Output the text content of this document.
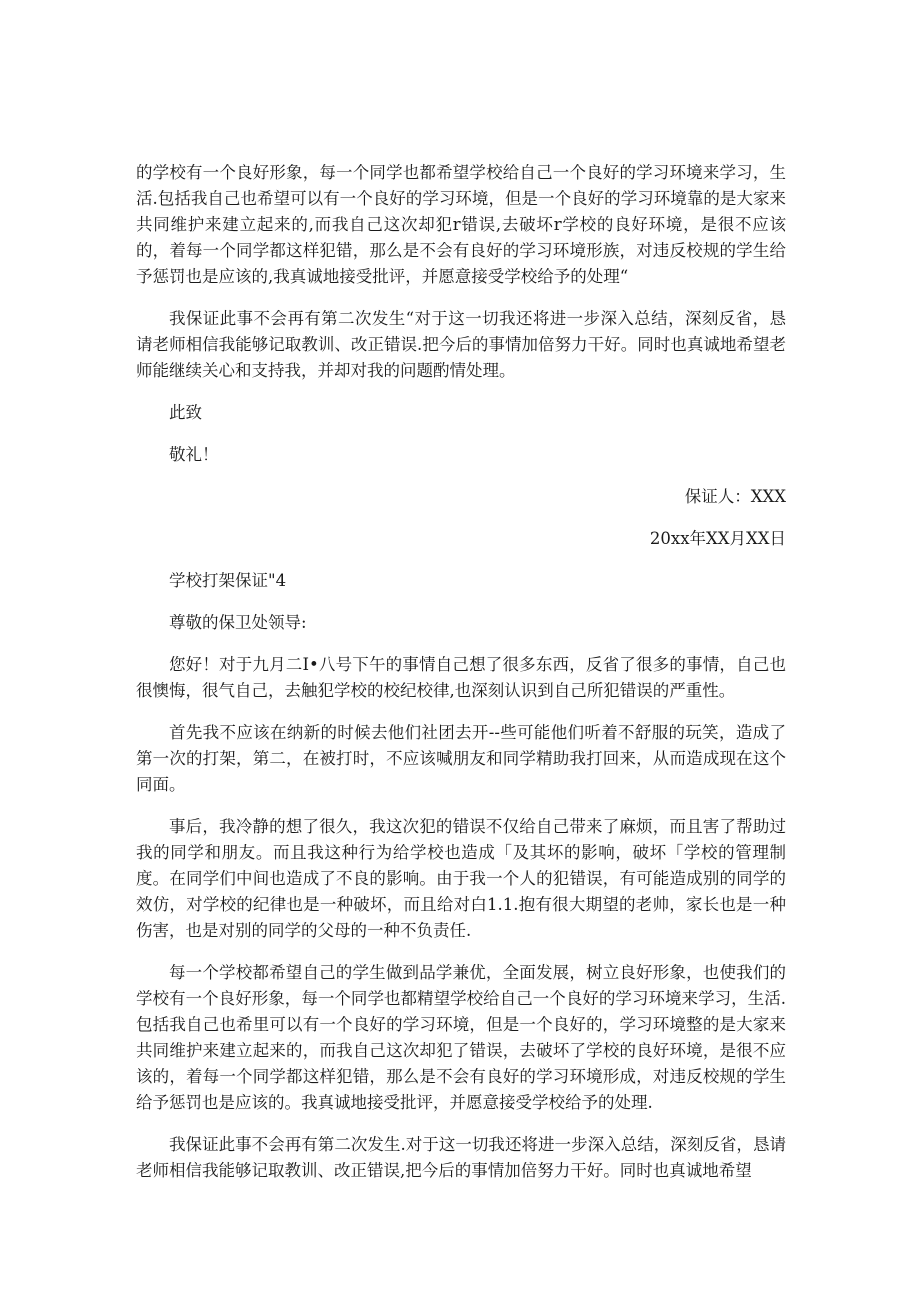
的学校有一个良好形象，每一个同学也都希望学校给自己一个良好的学习环境来学习，生活.包括我自己也希望可以有一个良好的学习环境，但是一个良好的学习环境靠的是大家来共同维护来建立起来的,而我自己这次却犯r错误,去破坏r学校的良好环境，是很不应该的，着每一个同学都这样犯错，那么是不会有良好的学习环境形族，对违反校规的学生给予惩罚也是应该的,我真诚地接受批评，并愿意接受学校给予的处理“

我保证此事不会再有第二次发生“对于这一切我还将进一步深入总结，深刻反省，恳请老师相信我能够记取教训、改正错误.把今后的事情加倍努力干好。同时也真诚地希望老师能继续关心和支持我，并却对我的问题酌情处理。

此致

敬礼！

保证人：XXX

20xx年XX月XX日

学校打架保证"4

尊敬的保卫处领导:

您好！对于九月二I•八号下午的事情自己想了很多东西，反省了很多的事情，自己也很懊悔，很气自己，去触犯学校的校纪校律,也深刻认识到自己所犯错误的严重性。

首先我不应该在纳新的时候去他们社团去开--些可能他们听着不舒服的玩笑，造成了第一次的打架，第二，在被打时，不应该喊朋友和同学精助我打回来，从而造成现在这个同面。

事后，我冷静的想了很久，我这次犯的错误不仅给自己带来了麻烦，而且害了帮助过我的同学和朋友。而且我这种行为给学校也造成「及其坏的影响，破坏「学校的管理制度。在同学们中间也造成了不良的影响。由于我一个人的犯错误，有可能造成别的同学的效仿，对学校的纪律也是一种破坏，而且给对白1.1.抱有很大期望的老帅，家长也是一种伤害，也是对别的同学的父母的一种不负责任.

每一个学校都希望自己的学生做到品学兼优，全面发展，树立良好形象，也使我们的学校有一个良好形象，每一个同学也都精望学校给自己一个良好的学习环境来学习，生活.包括我自己也希里可以有一个良好的学习环境，但是一个良好的，学习环境整的是大家来共同维护来建立起来的，而我自己这次却犯了错误，去破坏了学校的良好环境，是很不应该的，着每一个同学都这样犯错，那么是不会有良好的学习环境形成，对违反校规的学生给予惩罚也是应该的。我真诚地接受批评，并愿意接受学校给予的处理.

我保证此事不会再有第二次发生.对于这一切我还将进一步深入总结，深刻反省，恳请老师相信我能够记取教训、改正错误,把今后的事情加倍努力干好。同时也真诚地希望
